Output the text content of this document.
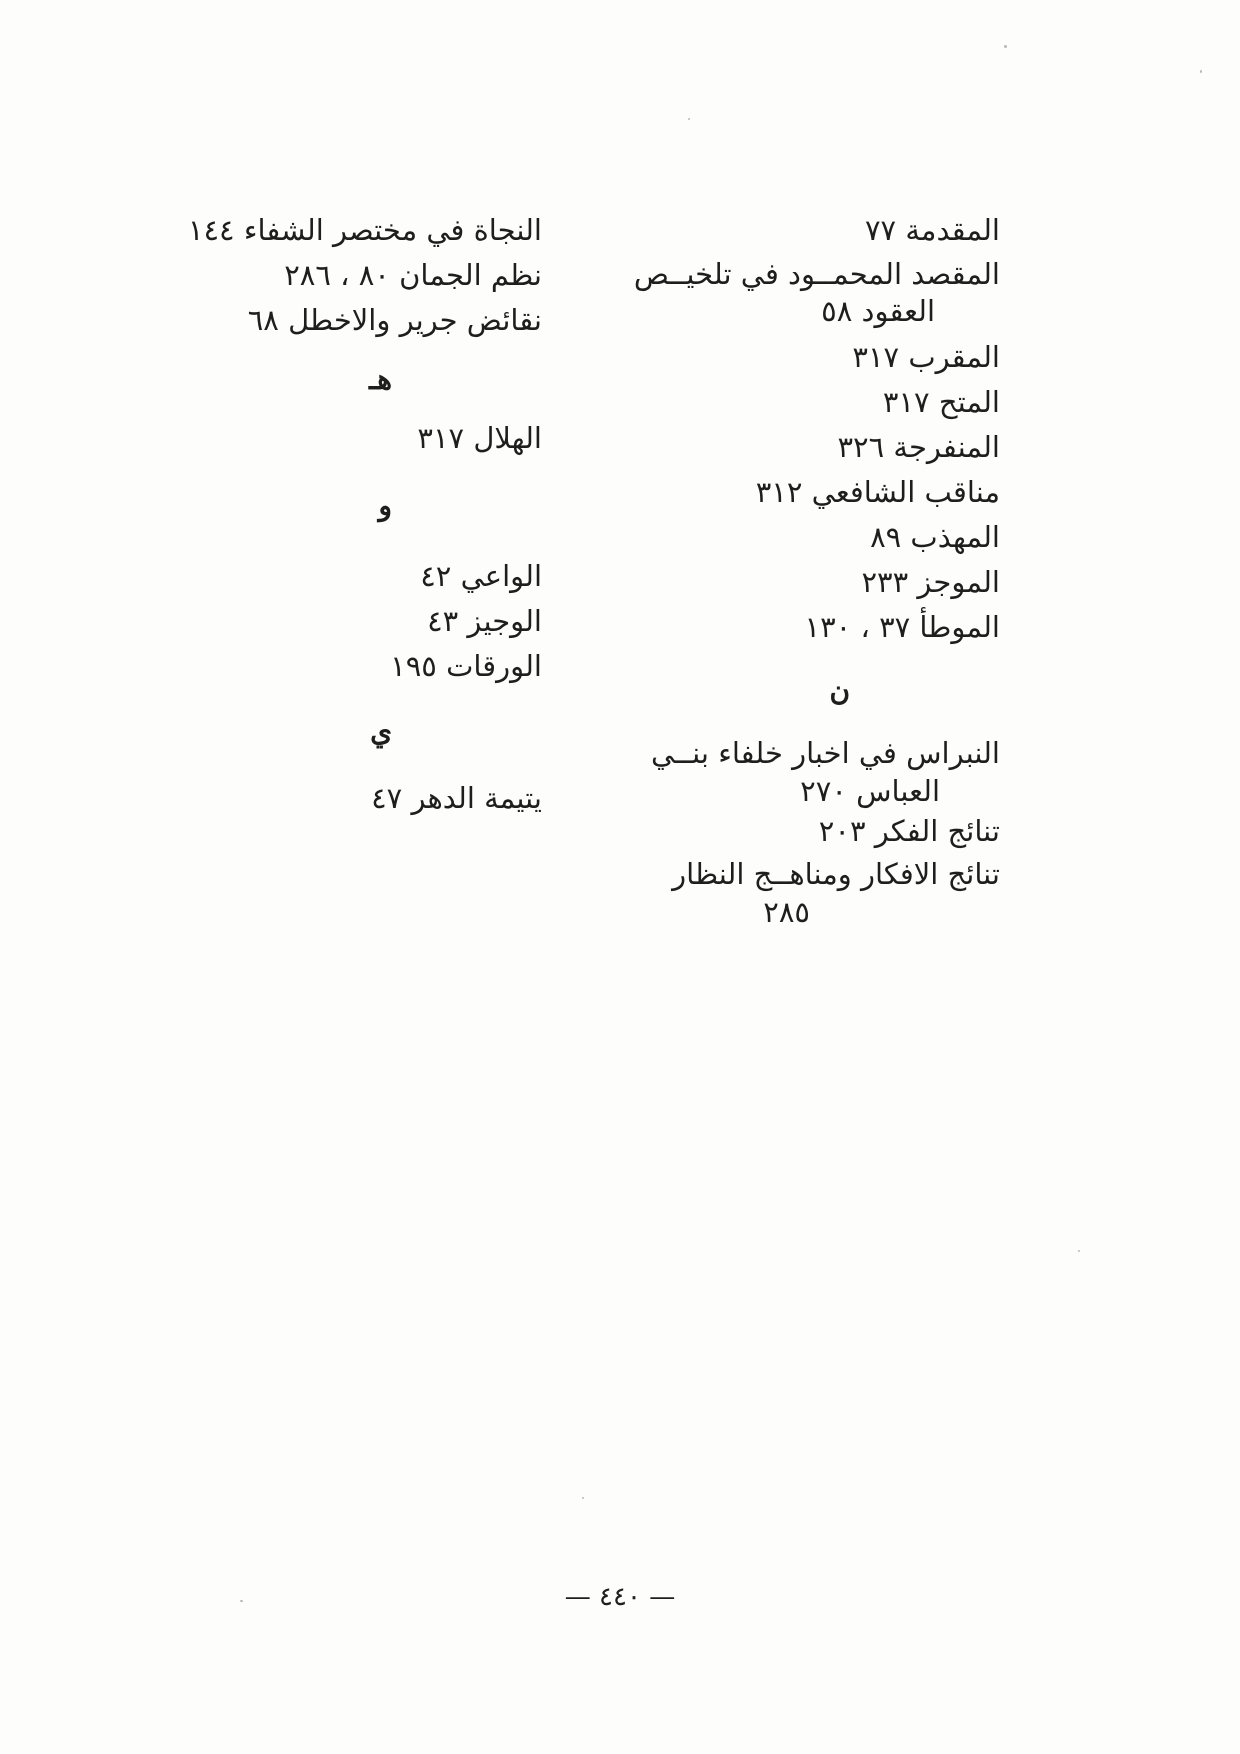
المقدمة ٧٧
المقصد المحمــود في تلخيــص
العقود ٥٨
المقرب ٣١٧
المتح ٣١٧
المنفرجة ٣٢٦
مناقب الشافعي ٣١٢
المهذب ٨٩
الموجز ٢٣٣
الموطأ ٣٧ ، ١٣٠
ن
النبراس في اخبار خلفاء بنــي
العباس ٢٧٠
تنائج الفكر ٢٠٣
تنائج الافكار ومناهــج النظار
٢٨٥
النجاة في مختصر الشفاء ١٤٤
نظم الجمان ٨٠ ، ٢٨٦
نقائض جرير والاخطل ٦٨
هـ
الهلال ٣١٧
و
الواعي ٤٢
الوجيز ٤٣
الورقات ١٩٥
ي
يتيمة الدهر ٤٧
— ٤٤٠ —
